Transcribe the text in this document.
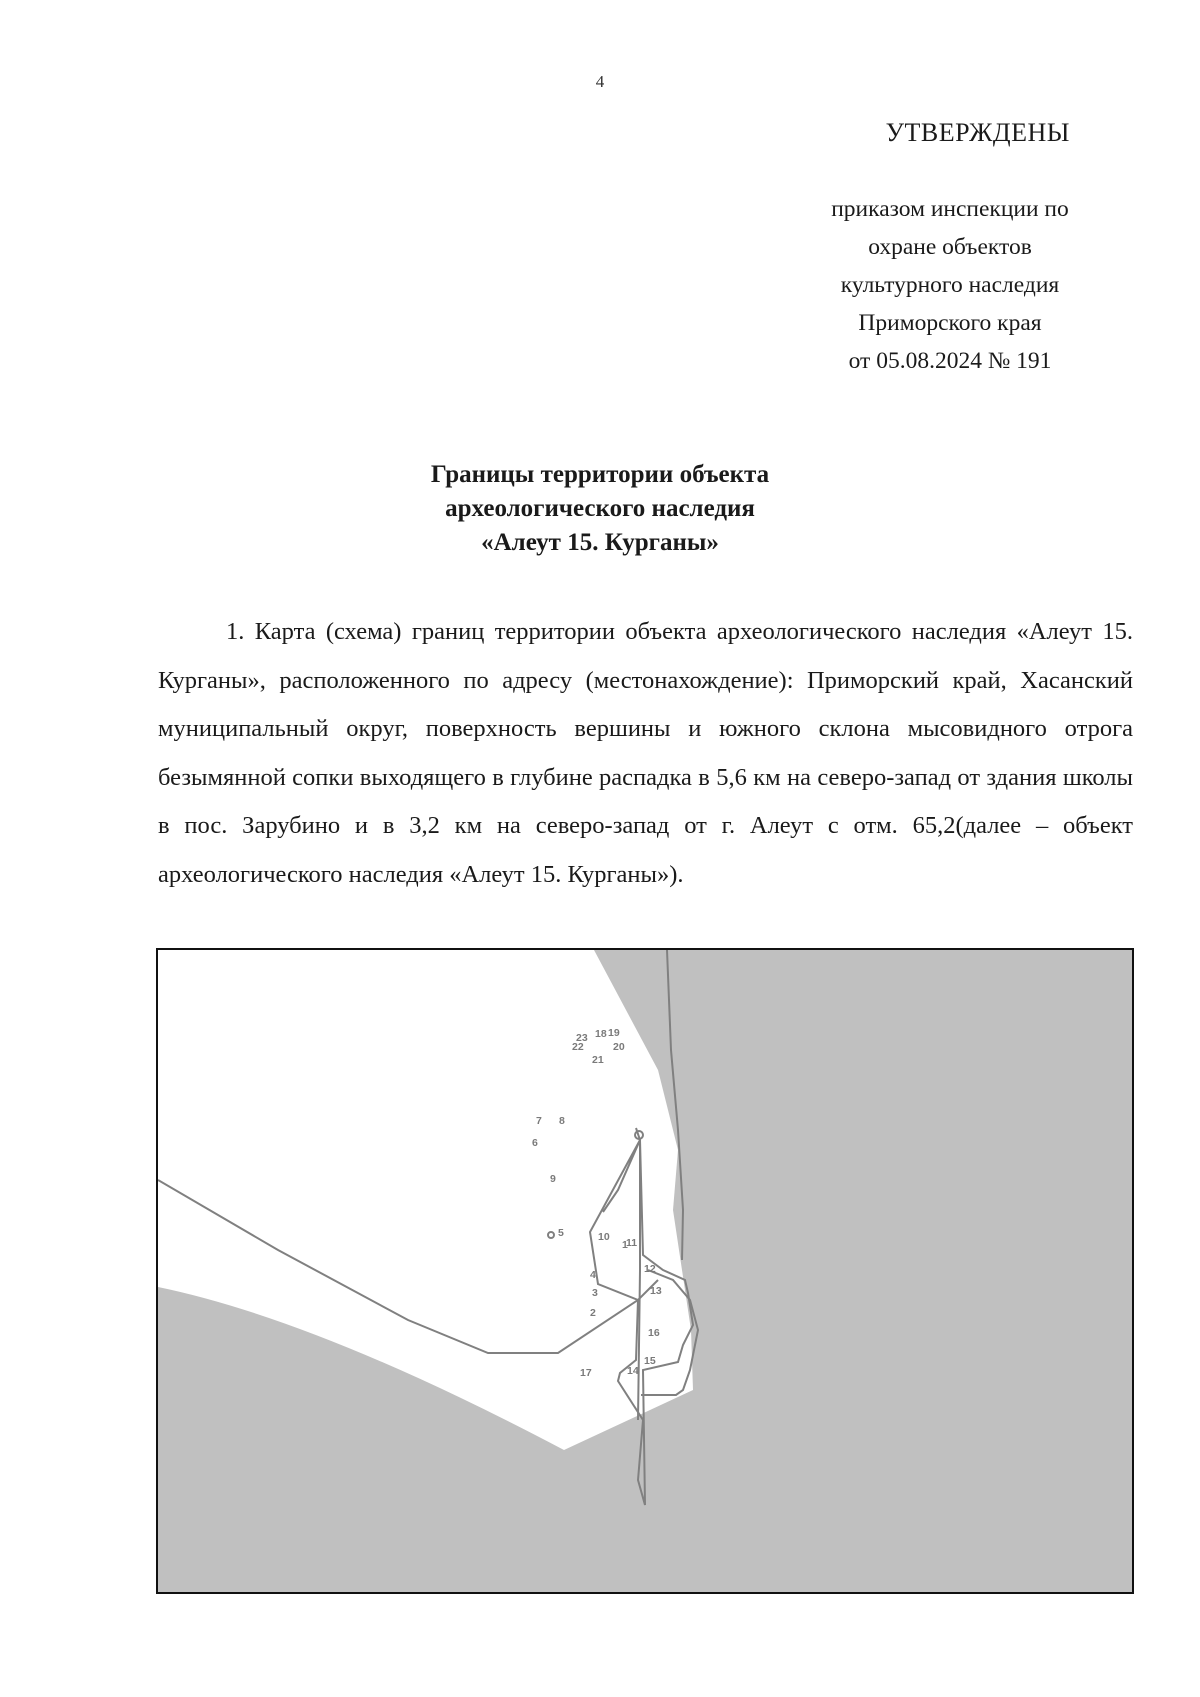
4
УТВЕРЖДЕНЫ
приказом инспекции по
охране объектов
культурного наследия
Приморского края
от 05.08.2024 № 191
Границы территории объекта
археологического наследия
«Алеут 15. Курганы»

1. Карта (схема) границ территории объекта археологического наследия «Алеут 15. Курганы», расположенного по адресу (местонахождение): Приморский край, Хасанский муниципальный округ, поверхность вершины и южного склона мысовидного отрога безымянной сопки выходящего в глубине распадка в 5,6 км на северо-запад от здания школы в пос. Зарубино и в 3,2 км на северо-запад от г. Алеут с отм. 65,2(далее – объект археологического наследия «Алеут 15. Курганы»).

1
2
3
4
5
6
7 8
9
10 11
12
13
14
15
16
17
18 19
20
21
22
23
